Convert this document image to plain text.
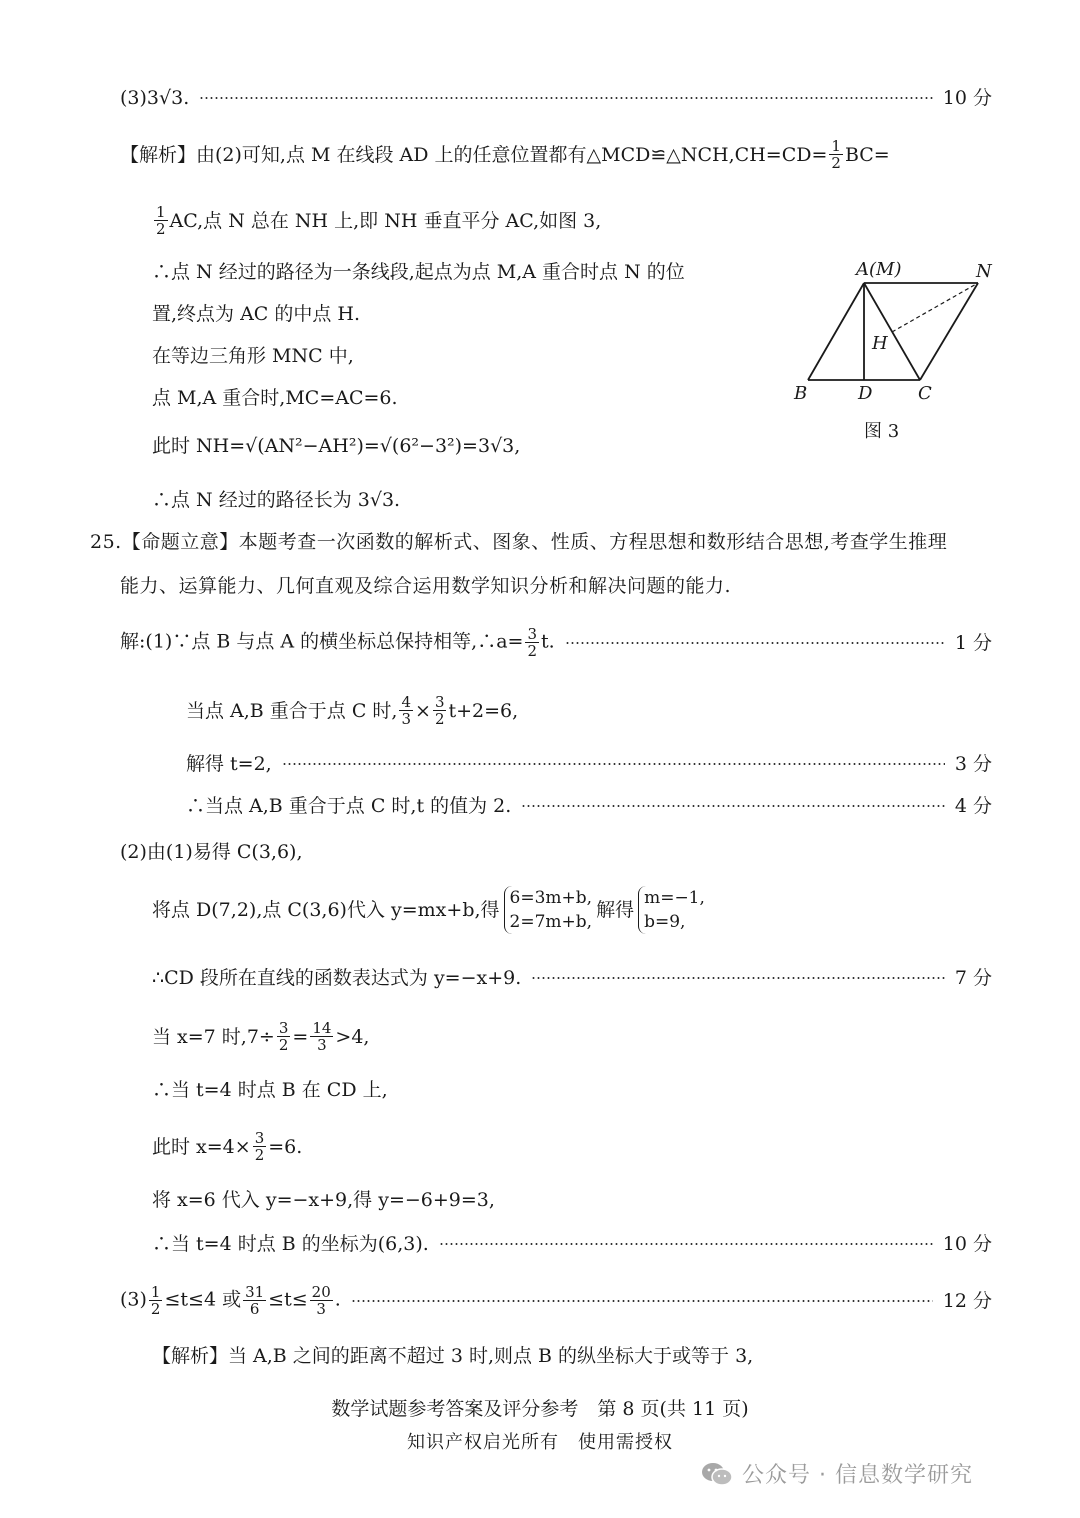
(3)3√3.	10 分
【解析】由(2)可知,点 M 在线段 AD 上的任意位置都有△MCD≌△NCH,CH=CD= $\frac{1}{2} BC=$
$\frac{1}{2}$ AC,点 N 总在 NH 上,即 NH 垂直平分 AC,如图 3,
∴点 N 经过的路径为一条线段,起点为点 M,A 重合时点 N 的位
置,终点为 AC 的中点 H.
在等边三角形 MNC 中,
点 M,A 重合时,MC=AC=6.
此时 NH=√(AN²−AH²)=√(6²−3²)=3√3,
∴点 N 经过的路径长为 3√3.
A(M)	N
H
B	D	C
图 3
25.【命题立意】本题考查一次函数的解析式、图象、性质、方程思想和数形结合思想,考查学生推理
能力、运算能力、几何直观及综合运用数学知识分析和解决问题的能力.
解:(1)∵点 B 与点 A 的横坐标总保持相等,∴a= $\frac{3}{2} t$.	1 分
当点 A,B 重合于点 C 时, $\frac{4}{3} \times \frac{3}{2} t+2=6$,
解得 t=2,	3 分
∴当点 A,B 重合于点 C 时,t 的值为 2.	4 分
(2)由(1)易得 C(3,6),
将点 D(7,2),点 C(3,6)代入 y=mx+b,得
6=3m+b,
2=7m+b,
解得
m=−1,
b=9,
∴CD 段所在直线的函数表达式为 y=−x+9.	7 分
当 x=7 时$,7\div \frac{3}{2} = \frac{14}{3} >4$,
∴当 t=4 时点 B 在 CD 上,
此时 $x=4\times \frac{3}{2} =6$.
将 x=6 代入 y=−x+9,得 y=−6+9=3,
∴当 t=4 时点 B 的坐标为(6,3).	10 分
$(3) \frac{1}{2} \le t\le 4$ 或 $\frac{31}{6} \le t\le \frac{20}{3}$ .	12 分
【解析】当 A,B 之间的距离不超过 3 时,则点 B 的纵坐标大于或等于 3,
数学试题参考答案及评分参考　第 8 页(共 11 页)
知识产权启光所有　使用需授权
公众号 · 信息数学研究
